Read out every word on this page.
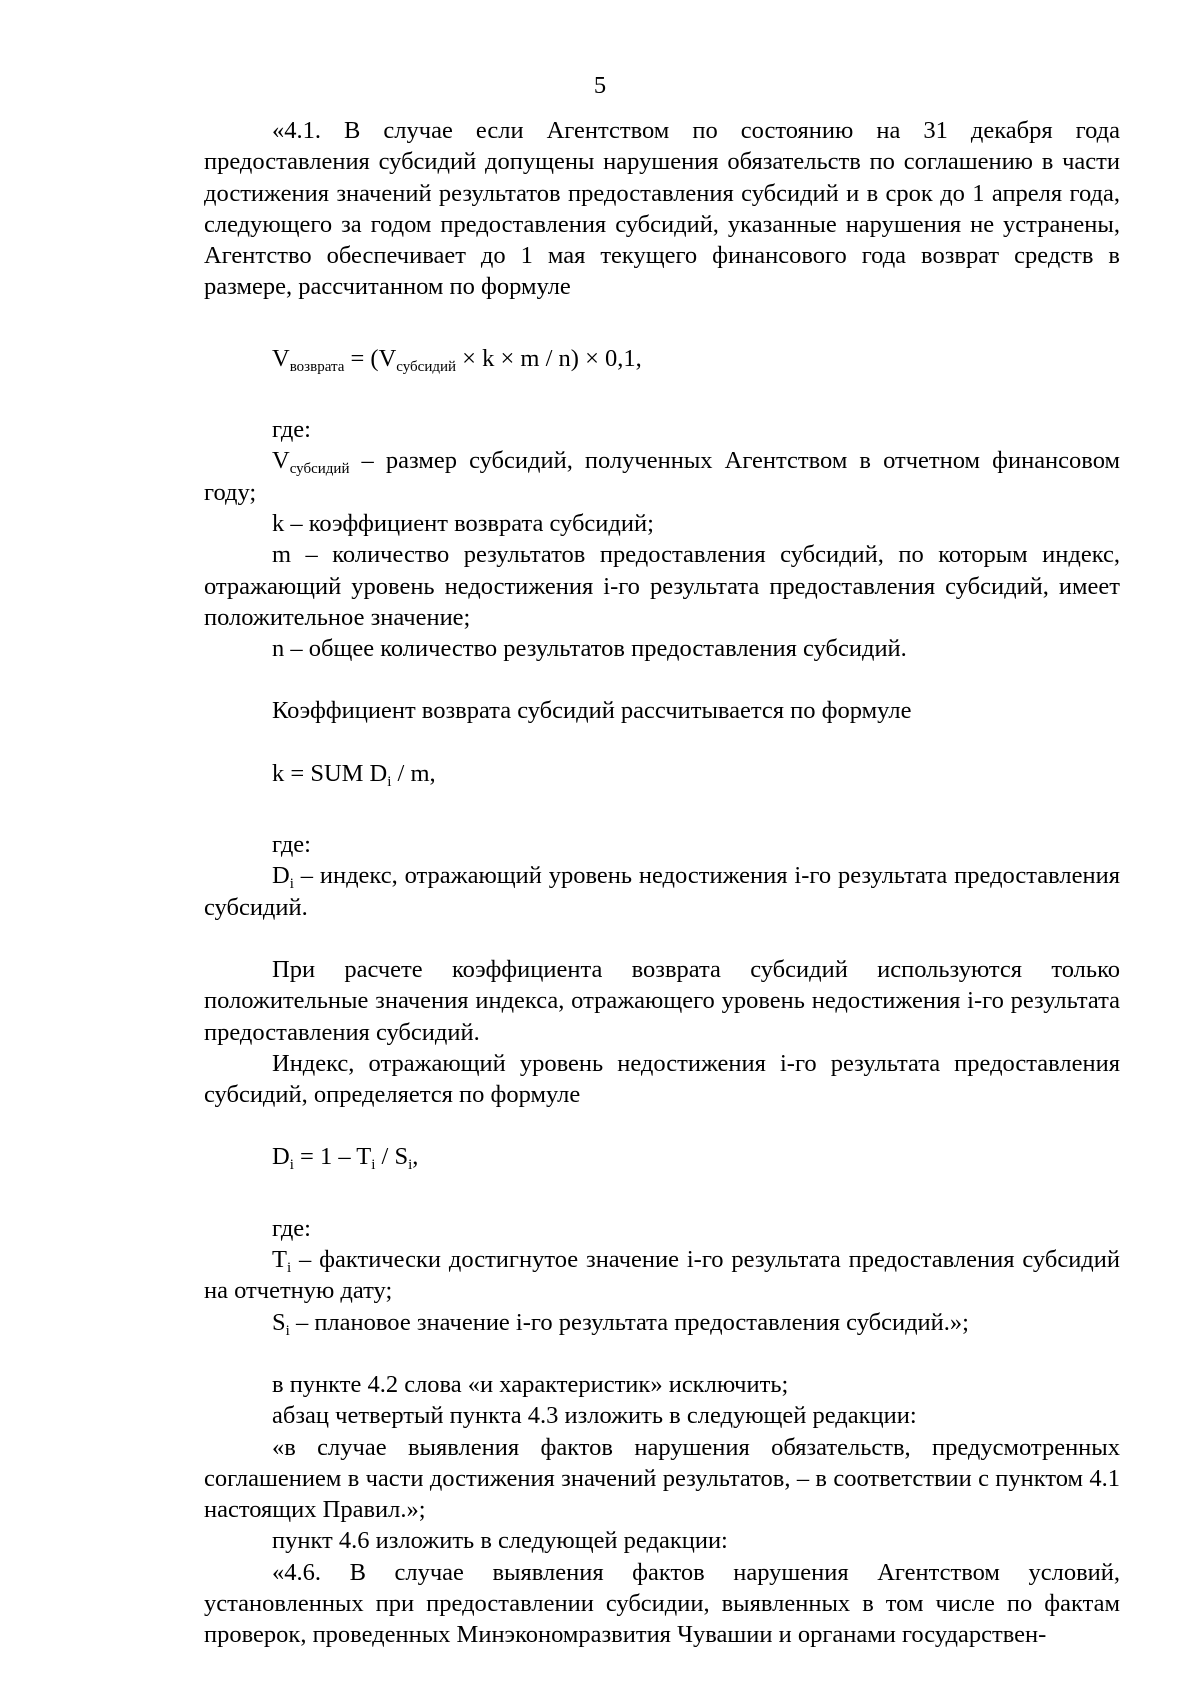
5

«4.1. В случае если Агентством по состоянию на 31 декабря года предоставления субсидий допущены нарушения обязательств по соглашению в части достижения значений результатов предоставления субсидий и в срок до 1 апреля года, следующего за годом предоставления субсидий, указанные нарушения не устранены, Агентство обеспечивает до 1 мая текущего финансового года возврат средств в размере, рассчитанном по формуле

$V_{возврата} = (V_{субсидий} \times k \times m / n) \times 0,1$,

где:

$V_{субсидий}$ – размер субсидий, полученных Агентством в отчетном финансовом году;

k – коэффициент возврата субсидий;

m – количество результатов предоставления субсидий, по которым индекс, отражающий уровень недостижения i-го результата предоставления субсидий, имеет положительное значение;

n – общее количество результатов предоставления субсидий.

Коэффициент возврата субсидий рассчитывается по формуле

k = SUM $D_i$ / m,

где:

$D_i$ – индекс, отражающий уровень недостижения i-го результата предоставления субсидий.

При расчете коэффициента возврата субсидий используются только положительные значения индекса, отражающего уровень недостижения i-го результата предоставления субсидий.

Индекс, отражающий уровень недостижения i-го результата предоставления субсидий, определяется по формуле

$D_i = 1 - T_i / S_i$,

где:

$T_i$ – фактически достигнутое значение i-го результата предоставления субсидий на отчетную дату;

$S_i$ – плановое значение i-го результата предоставления субсидий.»;

в пункте 4.2 слова «и характеристик» исключить;

абзац четвертый пункта 4.3 изложить в следующей редакции:

«в случае выявления фактов нарушения обязательств, предусмотренных соглашением в части достижения значений результатов, – в соответствии с пунктом 4.1 настоящих Правил.»;

пункт 4.6 изложить в следующей редакции:

«4.6. В случае выявления фактов нарушения Агентством условий, установленных при предоставлении субсидии, выявленных в том числе по фактам проверок, проведенных Минэкономразвития Чувашии и органами государствен-
